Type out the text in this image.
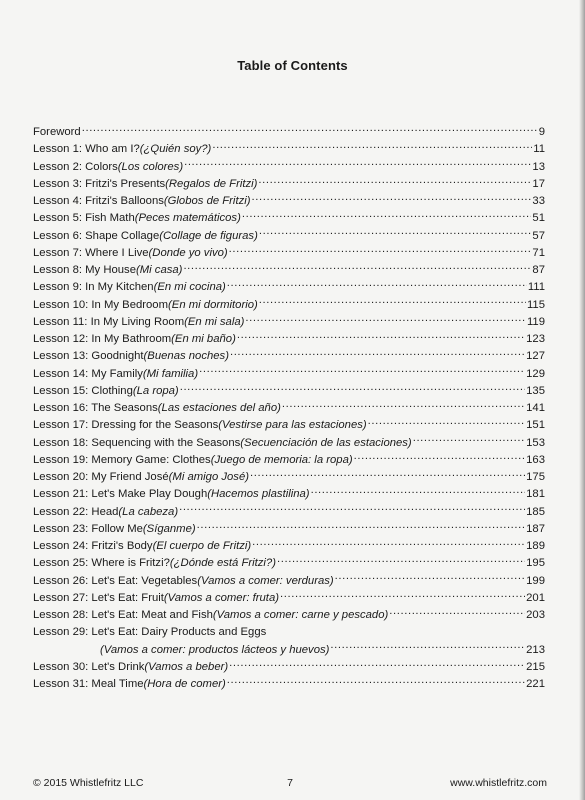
Table of Contents
Foreword .....	9
Lesson 1: Who am I? (¿Quién soy?) .....	11
Lesson 2: Colors (Los colores) .....	13
Lesson 3: Fritzi's Presents (Regalos de Fritzi) .....	17
Lesson 4: Fritzi's Balloons (Globos de Fritzi) .....	33
Lesson 5: Fish Math (Peces matemáticos) .....	51
Lesson 6: Shape Collage (Collage de figuras) .....	57
Lesson 7: Where I Live (Donde yo vivo) .....	71
Lesson 8: My House (Mi casa) .....	87
Lesson 9: In My Kitchen (En mi cocina) .....	111
Lesson 10: In My Bedroom (En mi dormitorio) .....	115
Lesson 11: In My Living Room (En mi sala) .....	119
Lesson 12: In My Bathroom (En mi baño) .....	123
Lesson 13: Goodnight (Buenas noches) .....	127
Lesson 14: My Family (Mi familia) .....	129
Lesson 15: Clothing (La ropa) .....	135
Lesson 16: The Seasons (Las estaciones del año) .....	141
Lesson 17: Dressing for the Seasons (Vestirse para las estaciones) .....	151
Lesson 18: Sequencing with the Seasons (Secuenciación de las estaciones) .....	153
Lesson 19: Memory Game: Clothes (Juego de memoria: la ropa) .....	163
Lesson 20: My Friend José (Mi amigo José) .....	175
Lesson 21: Let's Make Play Dough (Hacemos plastilina) .....	181
Lesson 22: Head (La cabeza) .....	185
Lesson 23: Follow Me (Síganme) .....	187
Lesson 24: Fritzi's Body (El cuerpo de Fritzi) .....	189
Lesson 25: Where is Fritzi? (¿Dónde está Fritzi?) .....	195
Lesson 26: Let's Eat: Vegetables (Vamos a comer: verduras) .....	199
Lesson 27: Let's Eat: Fruit (Vamos a comer: fruta) .....	201
Lesson 28: Let's Eat: Meat and Fish (Vamos a comer: carne y pescado) .....	203
Lesson 29: Let's Eat: Dairy Products and Eggs
(Vamos a comer: productos lácteos y huevos) .....	213
Lesson 30: Let's Drink (Vamos a beber) .....	215
Lesson 31: Meal Time (Hora de comer) .....	221
© 2015 Whistlefritz LLC	7	www.whistlefritz.com
